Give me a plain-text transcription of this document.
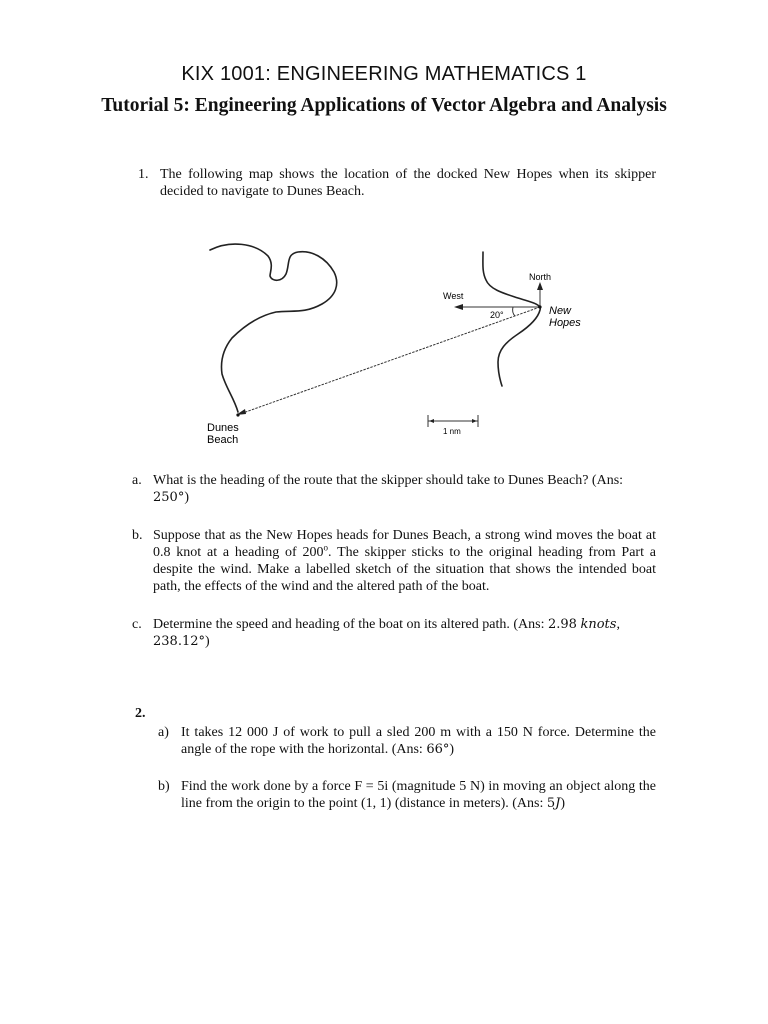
KIX 1001: ENGINEERING MATHEMATICS 1
Tutorial 5: Engineering Applications of Vector Algebra and Analysis
1. The following map shows the location of the docked New Hopes when its skipper decided to navigate to Dunes Beach.
North
West
20°	New
Hopes
Dunes
Beach
1 nm
a. What is the heading of the route that the skipper should take to Dunes Beach? (Ans:
250°)
b. Suppose that as the New Hopes heads for Dunes Beach, a strong wind moves the boat at 0.8 knot at a heading of 200$^o$. The skipper sticks to the original heading from Part a despite the wind. Make a labelled sketch of the situation that shows the intended boat path, the effects of the wind and the altered path of the boat.
c. Determine the speed and heading of the boat on its altered path. (Ans: 2.98 knots,
238.12°)
2.
a) It takes 12 000 J of work to pull a sled 200 m with a 150 N force. Determine the angle of the rope with the horizontal. (Ans: 66°)
b) Find the work done by a force F = 5i (magnitude 5 N) in moving an object along the line from the origin to the point (1, 1) (distance in meters). (Ans: 5J)
